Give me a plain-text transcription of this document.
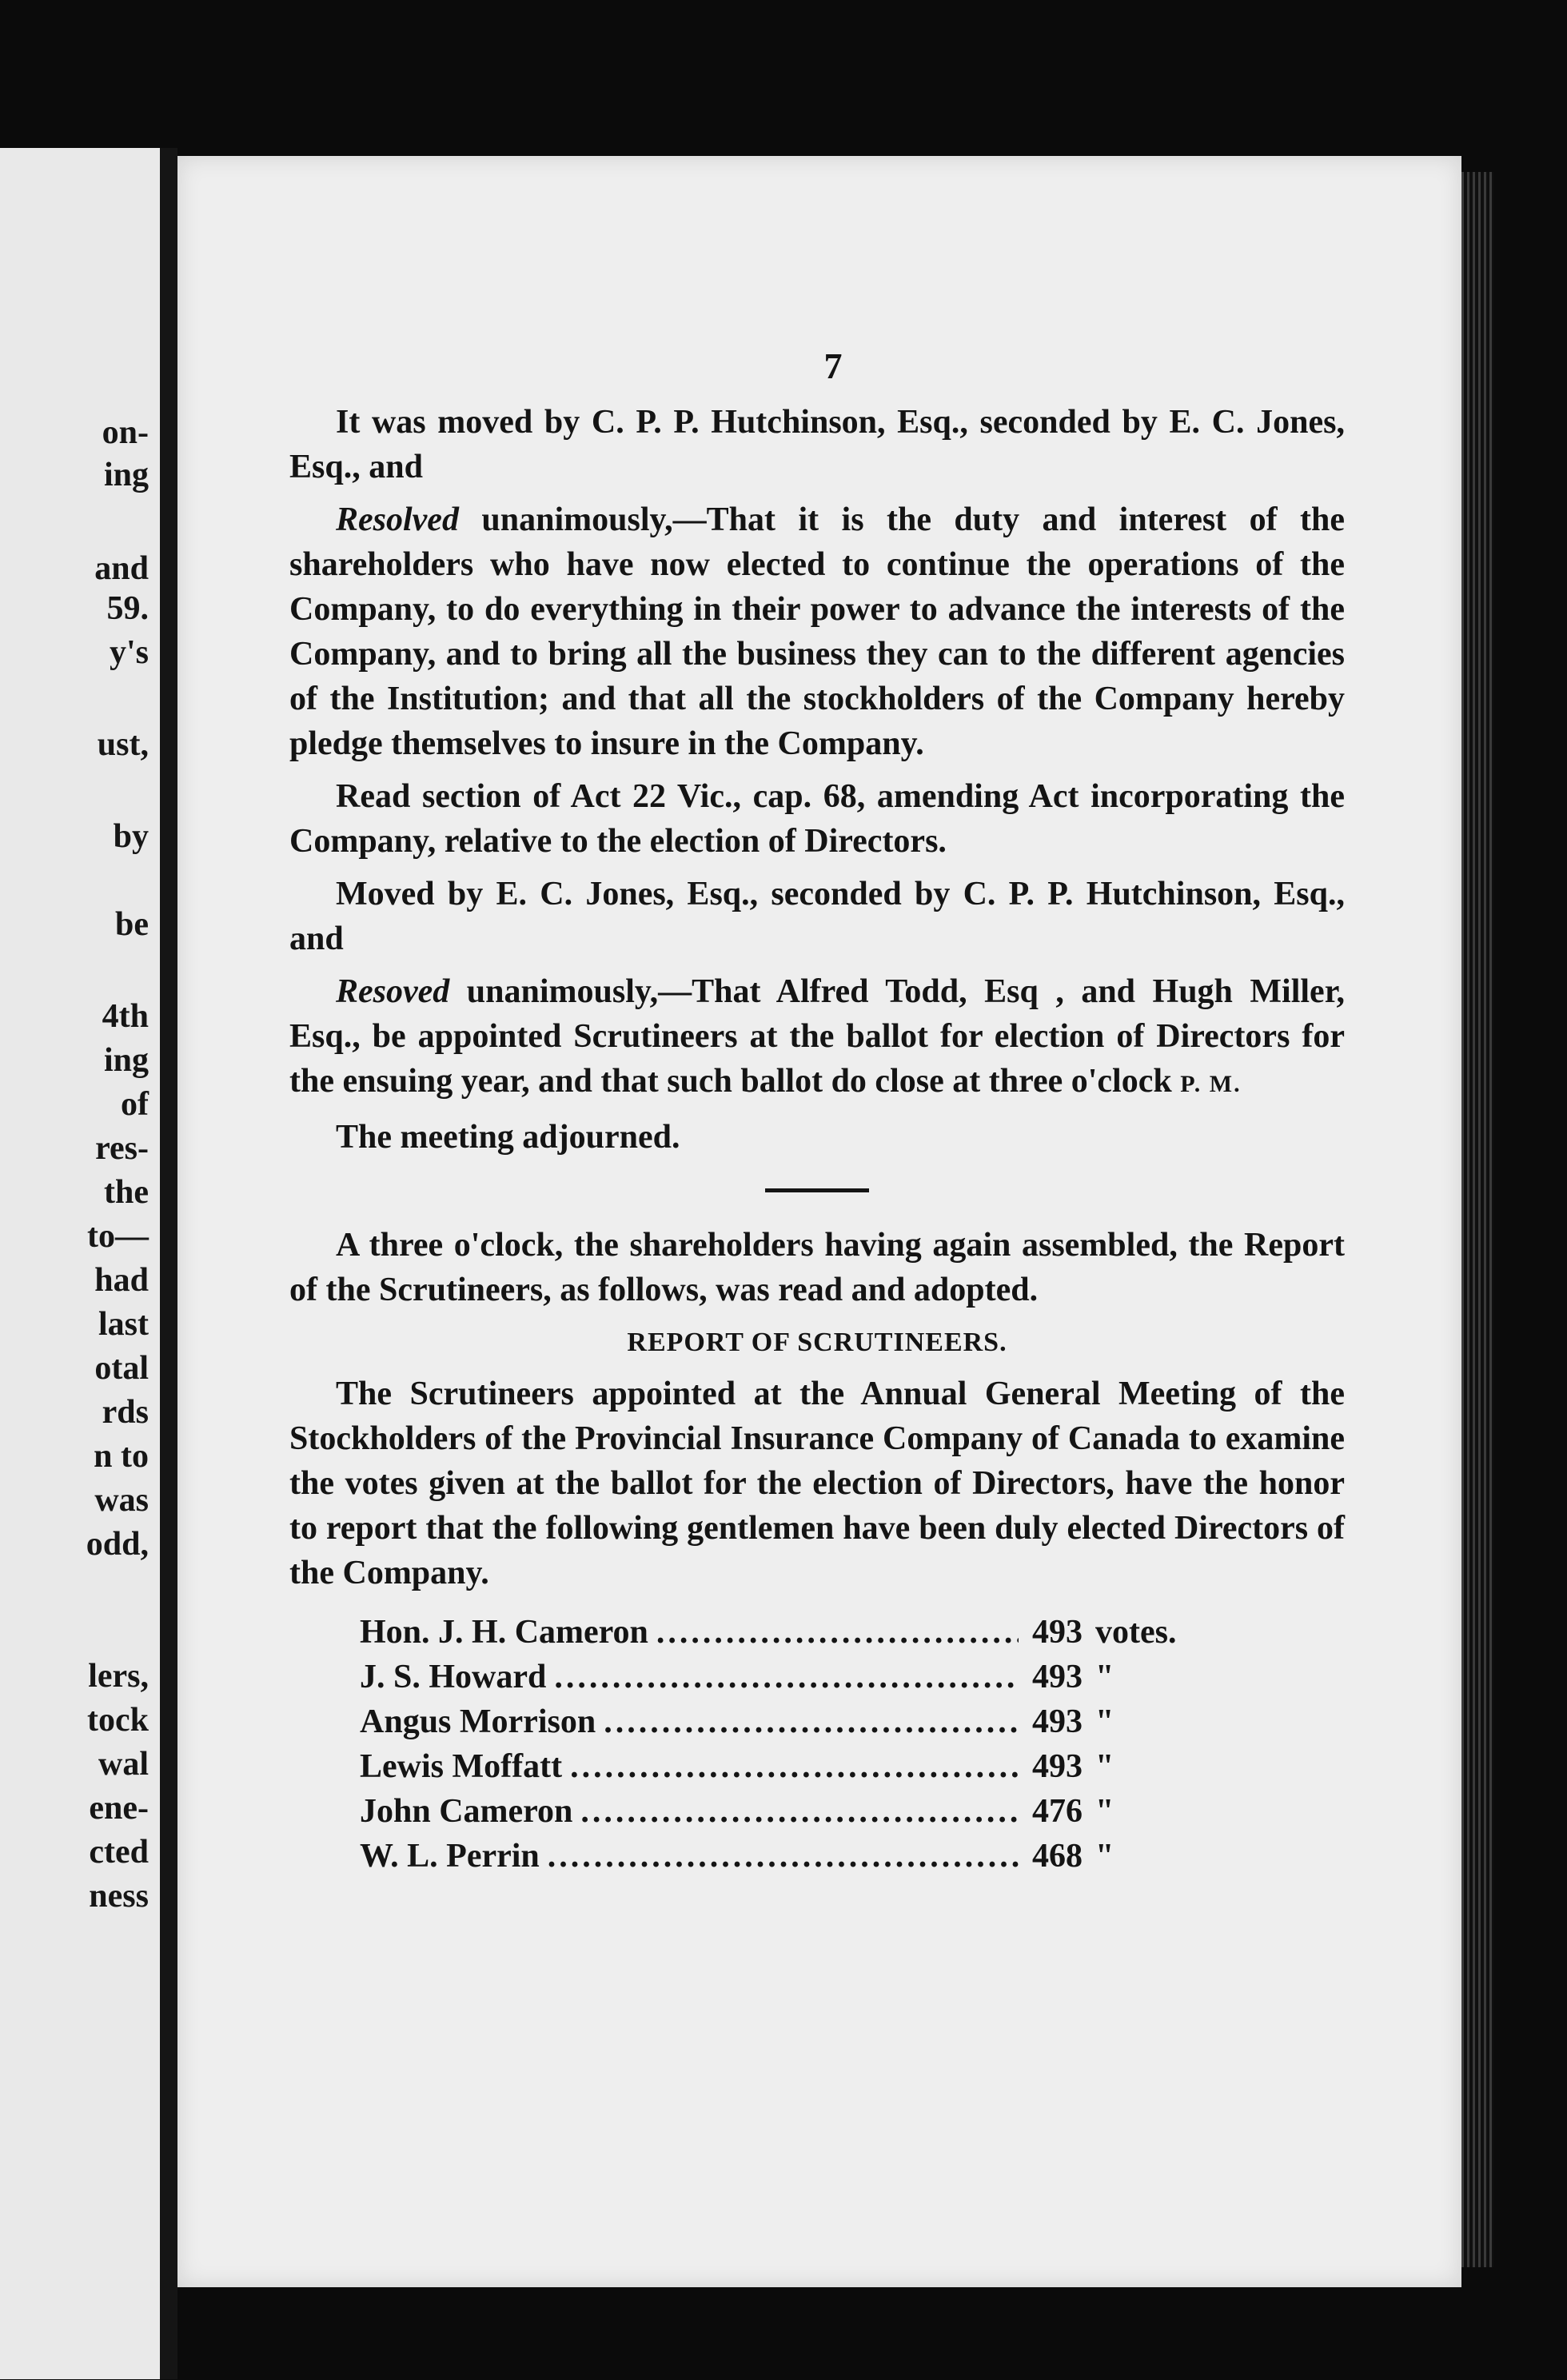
on-
ing
and
59.
y's
ust,
by
be
4th
ing
of
res-
the
to—
had
last
otal
rds
n to
was
odd,
lers,
tock
wal
ene-
cted
ness
7

It was moved by C. P. P. Hutchinson, Esq., seconded by E. C. Jones, Esq., and

Resolved unanimously,—That it is the duty and interest of the shareholders who have now elected to continue the operations of the Company, to do everything in their power to advance the interests of the Company, and to bring all the business they can to the different agencies of the Institution; and that all the stockholders of the Company hereby pledge themselves to insure in the Company.

Read section of Act 22 Vic., cap. 68, amending Act incorporating the Company, relative to the election of Directors.

Moved by E. C. Jones, Esq., seconded by C. P. P. Hutchinson, Esq., and

Resoved unanimously,—That Alfred Todd, Esq , and Hugh Miller, Esq., be appointed Scrutineers at the ballot for election of Directors for the ensuing year, and that such ballot do close at three o'clock P. M.

The meeting adjourned.

A three o'clock, the shareholders having again assembled, the Report of the Scrutineers, as follows, was read and adopted.

REPORT OF SCRUTINEERS.

The Scrutineers appointed at the Annual General Meeting of the Stockholders of the Provincial Insurance Company of Canada to examine the votes given at the ballot for the election of Directors, have the honor to report that the following gentlemen have been duly elected Directors of the Company.

Hon. J. H. Cameron .....	493 votes.
J. S. Howard .....	493 "
Angus Morrison .....	493 "
Lewis Moffatt .....	493 "
John Cameron .....	476 "
W. L. Perrin .....	468 "
